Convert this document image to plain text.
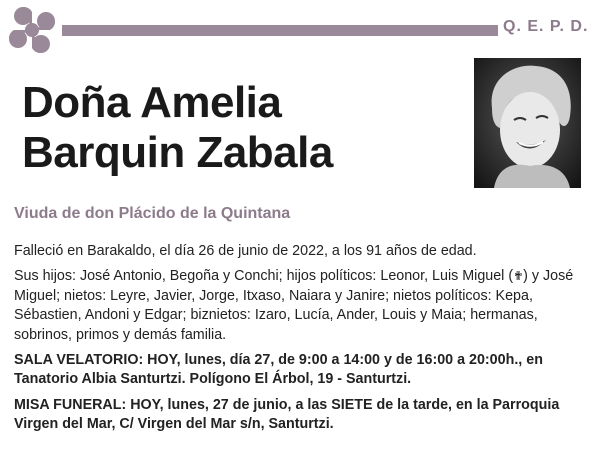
Q. E. P. D.
Doña Amelia
Barquin Zabala
Viuda de don Plácido de la Quintana

Falleció en Barakaldo, el día 26 de junio de 2022, a los 91 años de edad.

Sus hijos: José Antonio, Begoña y Conchi; hijos políticos: Leonor, Luis Miguel (✟) y José Miguel; nietos: Leyre, Javier, Jorge, Itxaso, Naiara y Janire; nietos políticos: Kepa, Sébastien, Andoni y Edgar; biznietos: Izaro, Lucía, Ander, Louis y Maia; hermanas, sobrinos, primos y demás familia.

SALA VELATORIO: HOY, lunes, día 27, de 9:00 a 14:00 y de 16:00 a 20:00h., en Tanatorio Albia Santurtzi. Polígono El Árbol, 19 - Santurtzi.

MISA FUNERAL: HOY, lunes, 27 de junio, a las SIETE de la tarde, en la Parroquia Virgen del Mar, C/ Virgen del Mar s/n, Santurtzi.
